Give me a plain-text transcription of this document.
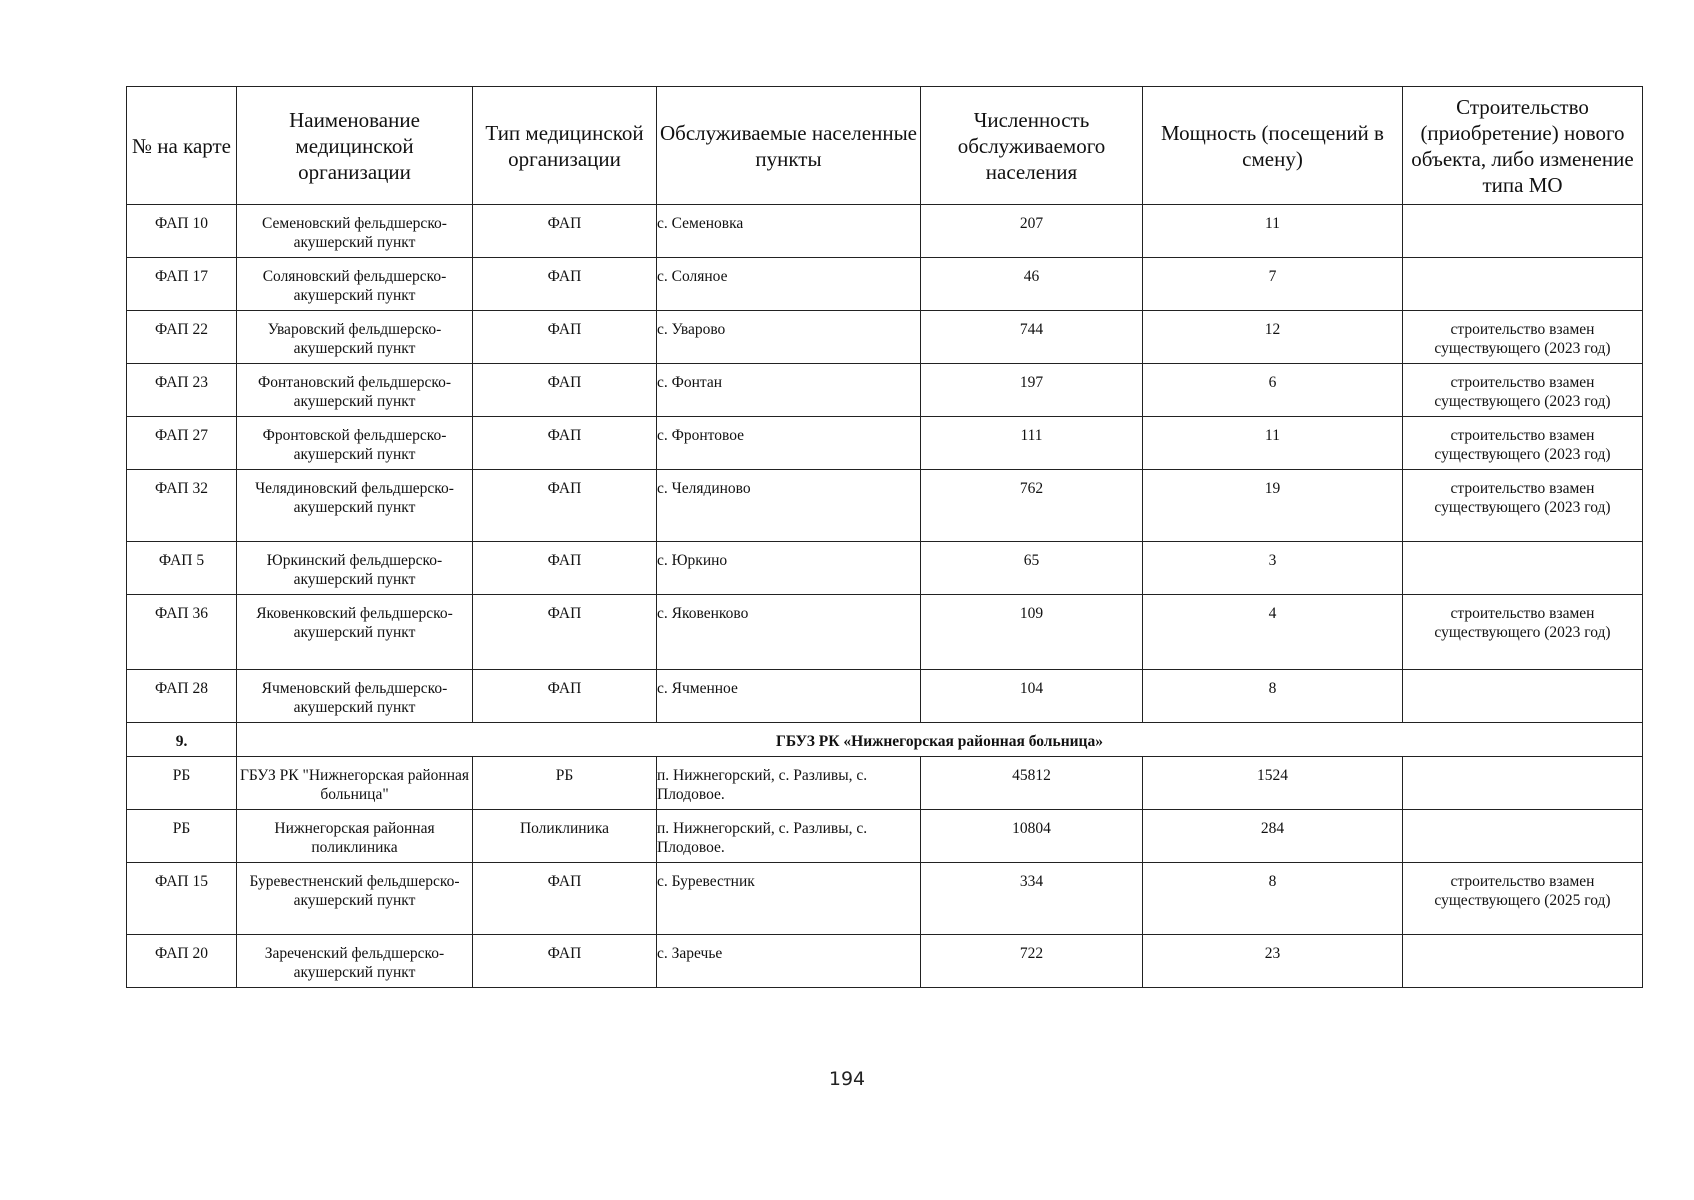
№ на карте	Наименование медицинской организации	Тип медицинской организации	Обслуживаемые населенные пункты	Численность обслуживаемого населения	Мощность (посещений в смену)	Строительство (приобретение) нового объекта, либо изменение типа МО
ФАП 10	Семеновский фельдшерско-акушерский пункт	ФАП	с. Семеновка	207	11	
ФАП 17	Соляновский фельдшерско-акушерский пункт	ФАП	с. Соляное	46	7	
ФАП 22	Уваровский фельдшерско-акушерский пункт	ФАП	с. Уварово	744	12	строительство взамен существующего (2023 год)
ФАП 23	Фонтановский фельдшерско-акушерский пункт	ФАП	с. Фонтан	197	6	строительство взамен существующего (2023 год)
ФАП 27	Фронтовской фельдшерско-акушерский пункт	ФАП	с. Фронтовое	111	11	строительство взамен существующего (2023 год)
ФАП 32	Челядиновский фельдшерско- акушерский пункт	ФАП	с. Челядиново	762	19	строительство взамен существующего (2023 год)
ФАП 5	Юркинский фельдшерско-акушерский пункт	ФАП	с. Юркино	65	3	
ФАП 36	Яковенковский фельдшерско- акушерский пункт	ФАП	с. Яковенково	109	4	строительство взамен существующего (2023 год)
ФАП 28	Ячменовский фельдшерско-акушерский пункт	ФАП	с. Ячменное	104	8	
9.	ГБУЗ РК «Нижнегорская районная больница»					
РБ	ГБУЗ РК "Нижнегорская районная больница"	РБ	п. Нижнегорский, с. Разливы, с. Плодовое.	45812	1524	
РБ	Нижнегорская районная поликлиника	Поликлиника	п. Нижнегорский, с. Разливы, с. Плодовое.	10804	284	
ФАП 15	Буревестненский фельдшерско- акушерский пункт	ФАП	с. Буревестник	334	8	строительство взамен существующего (2025 год)
ФАП 20	Зареченский фельдшерско-акушерский пункт	ФАП	с. Заречье	722	23	
194
